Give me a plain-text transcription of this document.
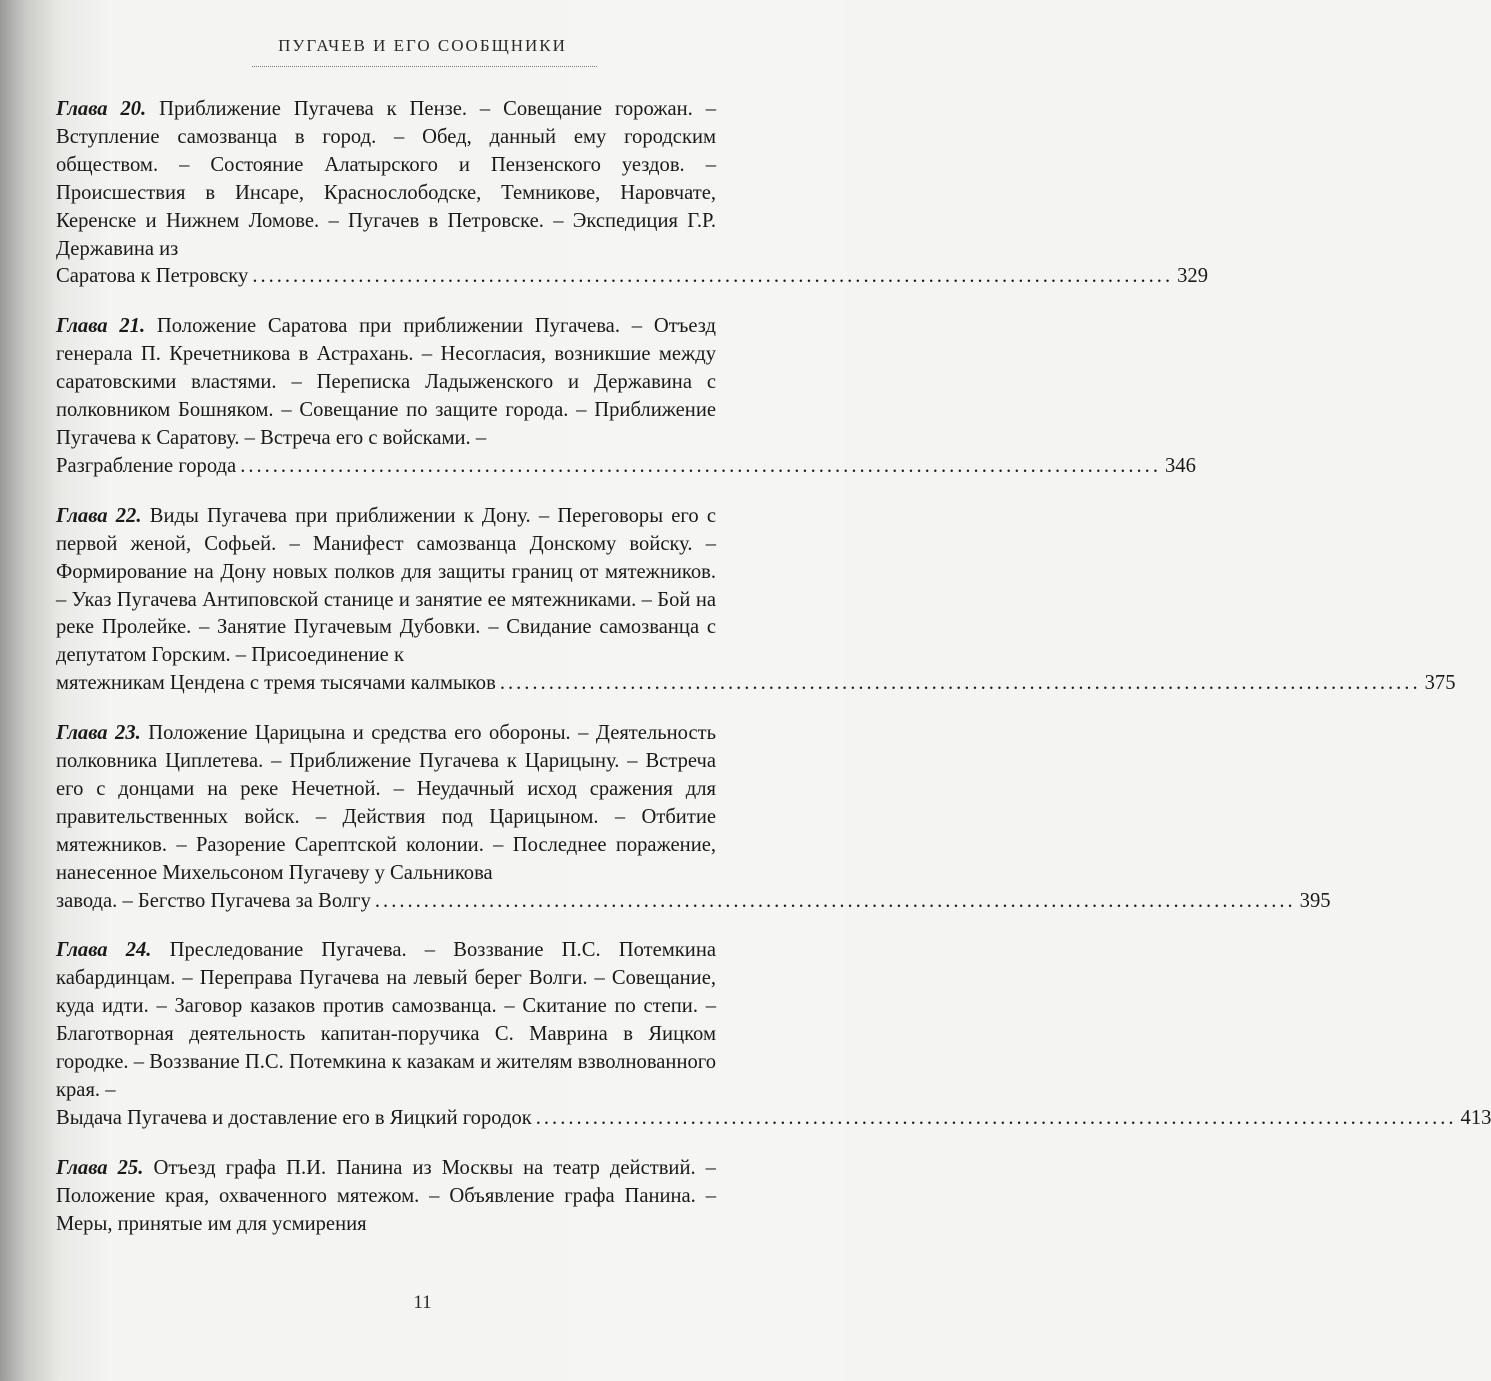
ПУГАЧЕВ И ЕГО СООБЩНИКИ
Глава 20. Приближение Пугачева к Пензе. – Совещание горожан. – Вступление самозванца в город. – Обед, данный ему городским обществом. – Состояние Алатырского и Пензенского уездов. – Происшествия в Инсаре, Краснослободске, Темникове, Наровчате, Керенске и Нижнем Ломове. – Пугачев в Петровске. – Экспедиция Г.Р. Державина из
Саратова к Петровску ................................................................................................................. 329
Глава 21. Положение Саратова при приближении Пугачева. – Отъезд генерала П. Кречетникова в Астрахань. – Несогласия, возникшие между саратовскими властями. – Переписка Ладыженского и Державина с полковником Бошняком. – Совещание по защите города. – Приближение Пугачева к Саратову. – Встреча его с войсками. –
Разграбление города ................................................................................................................. 346
Глава 22. Виды Пугачева при приближении к Дону. – Переговоры его с первой женой, Софьей. – Манифест самозванца Донскому войску. – Формирование на Дону новых полков для защиты границ от мятежников. – Указ Пугачева Антиповской станице и занятие ее мятежниками. – Бой на реке Пролейке. – Занятие Пугачевым Дубовки. – Свидание самозванца с депутатом Горским. – Присоединение к
мятежникам Цендена с тремя тысячами калмыков ................................................................................................................. 375
Глава 23. Положение Царицына и средства его обороны. – Деятельность полковника Циплетева. – Приближение Пугачева к Царицыну. – Встреча его с донцами на реке Нечетной. – Неудачный исход сражения для правительственных войск. – Действия под Царицыном. – Отбитие мятежников. – Разорение Сарептской колонии. – Последнее поражение, нанесенное Михельсоном Пугачеву у Сальникова
завода. – Бегство Пугачева за Волгу ................................................................................................................. 395
Глава 24. Преследование Пугачева. – Воззвание П.С. Потемкина кабардинцам. – Переправа Пугачева на левый берег Волги. – Совещание, куда идти. – Заговор казаков против самозванца. – Скитание по степи. – Благотворная деятельность капитан-поручика С. Маврина в Яицком городке. – Воззвание П.С. Потемкина к казакам и жителям взволнованного края. –
Выдача Пугачева и доставление его в Яицкий городок ................................................................................................................. 413
Глава 25. Отъезд графа П.И. Панина из Москвы на театр действий. – Положение края, охваченного мятежом. – Объявление графа Панина. – Меры, принятые им для усмирения
11
